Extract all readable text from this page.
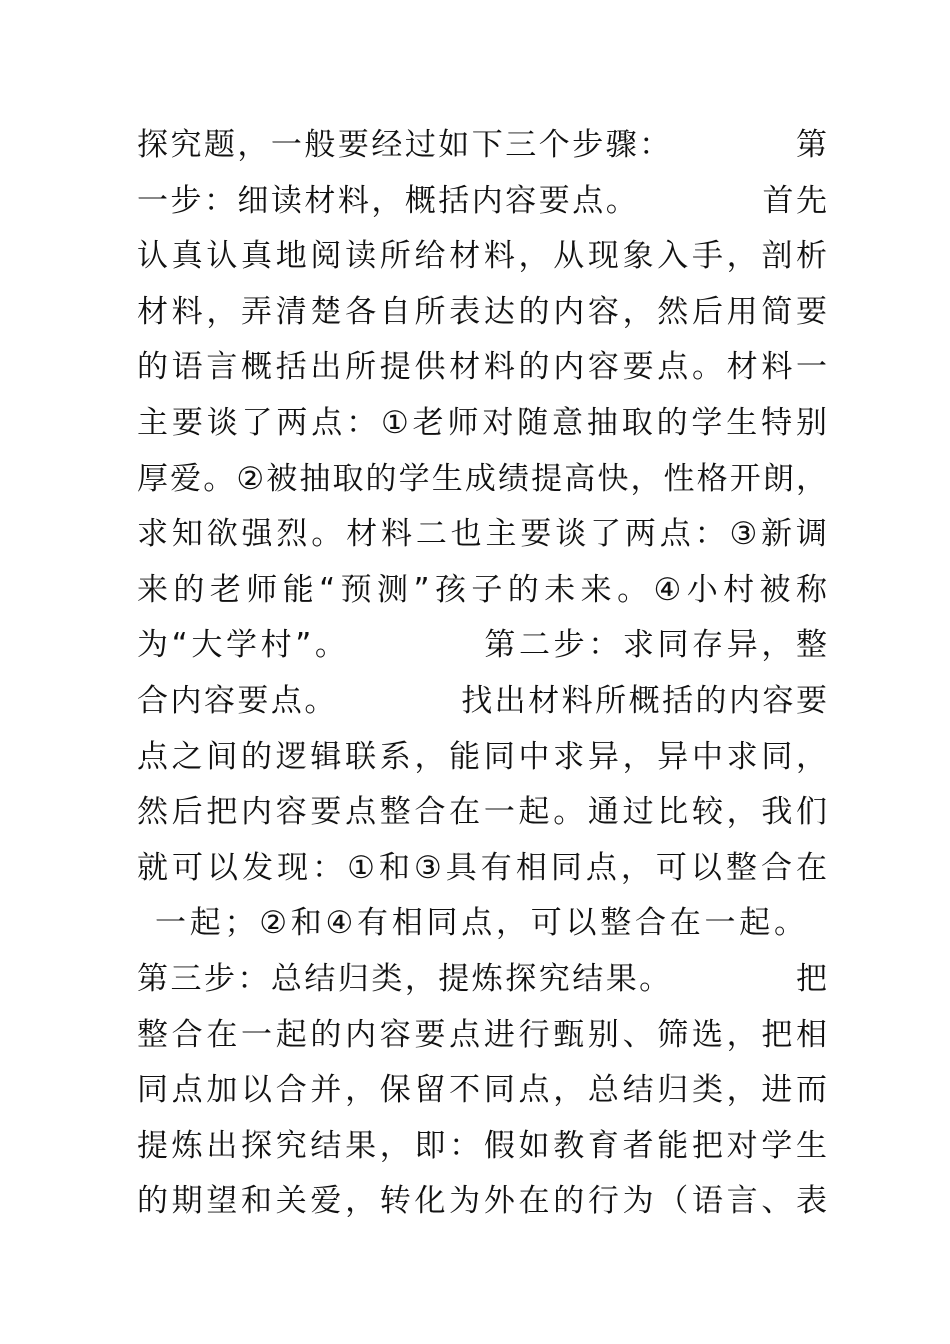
探究题，一般要经过如下三个步骤：          第
一步：细读材料，概括内容要点。          首先
认真认真地阅读所给材料，从现象入手，剖析
材料，弄清楚各自所表达的内容，然后用简要
的语言概括出所提供材料的内容要点。材料一
主要谈了两点：①老师对随意抽取的学生特别
厚爱。②被抽取的学生成绩提高快，性格开朗，
求知欲强烈。材料二也主要谈了两点：③新调
来的老师能“预测”孩子的未来。④小村被称
为“大学村”。          第二步：求同存异，整
合内容要点。          找出材料所概括的内容要
点之间的逻辑联系，能同中求异，异中求同，
然后把内容要点整合在一起。通过比较，我们
就可以发现：①和③具有相同点，可以整合在
一起；②和④有相同点，可以整合在一起。
第三步：总结归类，提炼探究结果。          把
整合在一起的内容要点进行甄别、筛选，把相
同点加以合并，保留不同点，总结归类，进而
提炼出探究结果，即：假如教育者能把对学生
的期望和关爱，转化为外在的行为（语言、表
